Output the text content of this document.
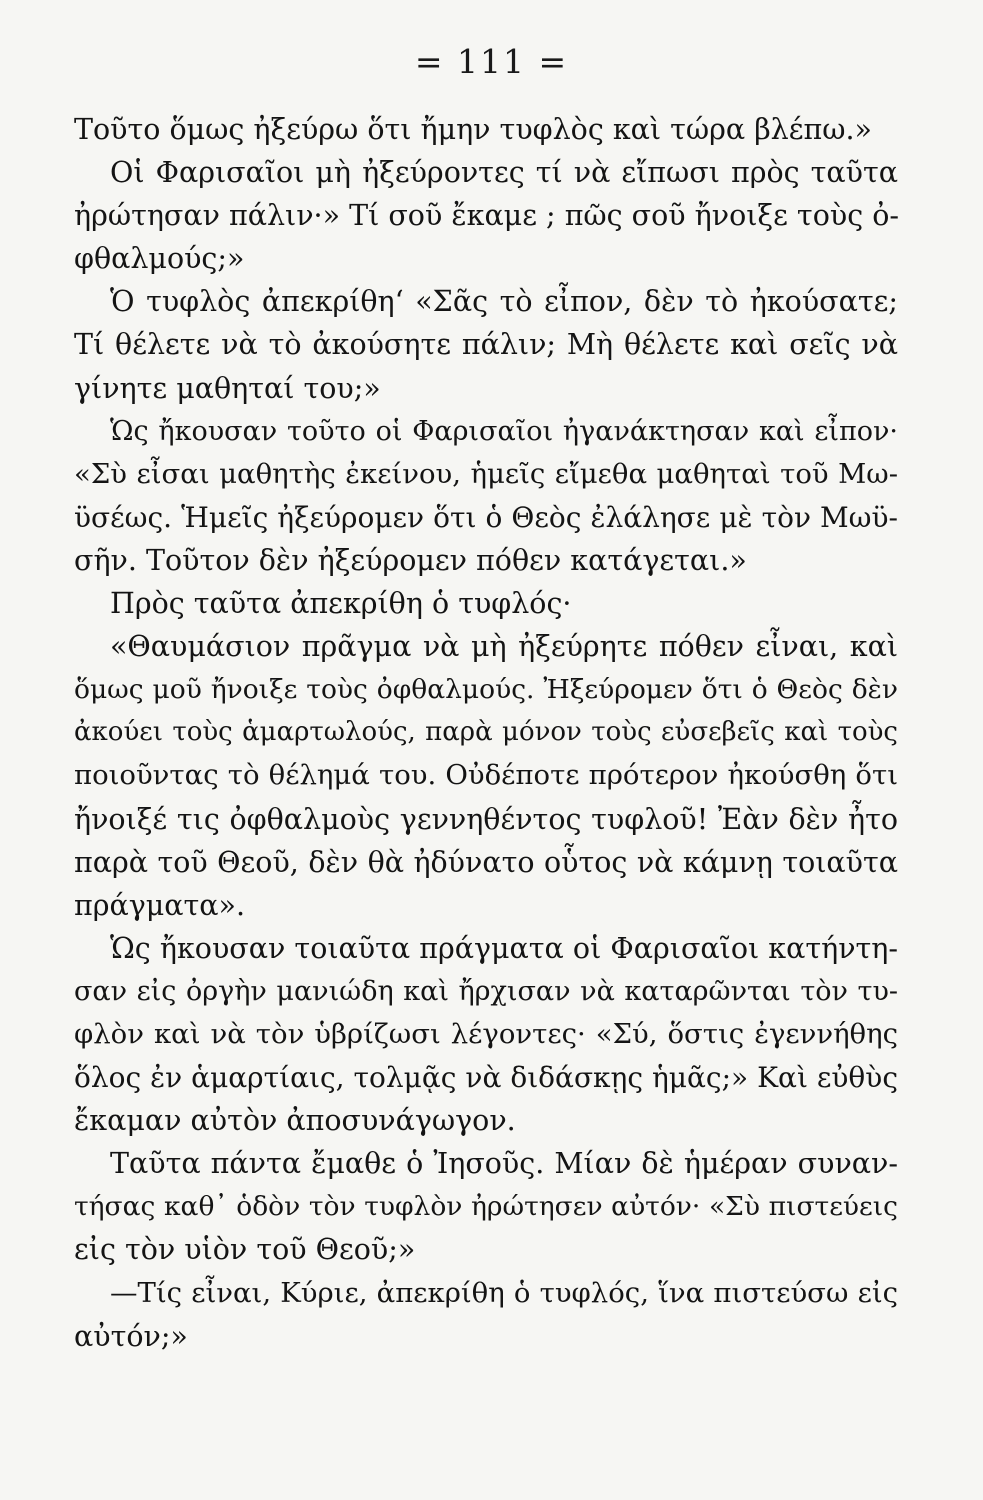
= 111 =
Τοῦτο ὅμως ἠξεύρω ὅτι ἤμην τυφλὸς καὶ τώρα βλέπω.»
Οἱ Φαρισαῖοι μὴ ἠξεύροντες τί νὰ εἴπωσι πρὸς ταῦτα
ἠρώτησαν πάλιν·» Τί σοῦ ἔκαμε ; πῶς σοῦ ἤνοιξε τοὺς ὀ-
φθαλμούς;»
Ὁ τυφλὸς ἀπεκρίθη‘ «Σᾶς τὸ εἶπον, δὲν τὸ ἠκούσατε;
Τί θέλετε νὰ τὸ ἀκούσητε πάλιν; Μὴ θέλετε καὶ σεῖς νὰ
γίνητε μαθηταί του;»
Ὡς ἤκουσαν τοῦτο οἱ Φαρισαῖοι ἠγανάκτησαν καὶ εἶπον·
«Σὺ εἶσαι μαθητὴς ἐκείνου, ἡμεῖς εἴμεθα μαθηταὶ τοῦ Μω-
ϋσέως. Ἡμεῖς ἠξεύρομεν ὅτι ὁ Θεὸς ἐλάλησε μὲ τὸν Μωϋ-
σῆν. Τοῦτον δὲν ἠξεύρομεν πόθεν κατάγεται.»
Πρὸς ταῦτα ἀπεκρίθη ὁ τυφλός·
«Θαυμάσιον πρᾶγμα νὰ μὴ ἠξεύρητε πόθεν εἶναι, καὶ
ὅμως μοῦ ἤνοιξε τοὺς ὀφθαλμούς. Ἠξεύρομεν ὅτι ὁ Θεὸς δὲν
ἀκούει τοὺς ἁμαρτωλούς, παρὰ μόνον τοὺς εὐσεβεῖς καὶ τοὺς
ποιοῦντας τὸ θέλημά του. Οὐδέποτε πρότερον ἠκούσθη ὅτι
ἤνοιξέ τις ὀφθαλμοὺς γεννηθέντος τυφλοῦ! Ἐὰν δὲν ἦτο
παρὰ τοῦ Θεοῦ, δὲν θὰ ἠδύνατο οὗτος νὰ κάμνῃ τοιαῦτα
πράγματα».
Ὡς ἤκουσαν τοιαῦτα πράγματα οἱ Φαρισαῖοι κατήντη-
σαν εἰς ὀργὴν μανιώδη καὶ ἤρχισαν νὰ καταρῶνται τὸν τυ-
φλὸν καὶ νὰ τὸν ὑβρίζωσι λέγοντες· «Σύ, ὅστις ἐγεννήθης
ὅλος ἐν ἁμαρτίαις, τολμᾷς νὰ διδάσκῃς ἡμᾶς;» Καὶ εὐθὺς
ἔκαμαν αὐτὸν ἀποσυνάγωγον.
Ταῦτα πάντα ἔμαθε ὁ Ἰησοῦς. Μίαν δὲ ἡμέραν συναν-
τήσας καθ᾿ ὁδὸν τὸν τυφλὸν ἠρώτησεν αὐτόν· «Σὺ πιστεύεις
εἰς τὸν υἱὸν τοῦ Θεοῦ;»
—Τίς εἶναι, Κύριε, ἀπεκρίθη ὁ τυφλός, ἵνα πιστεύσω εἰς
αὐτόν;»
